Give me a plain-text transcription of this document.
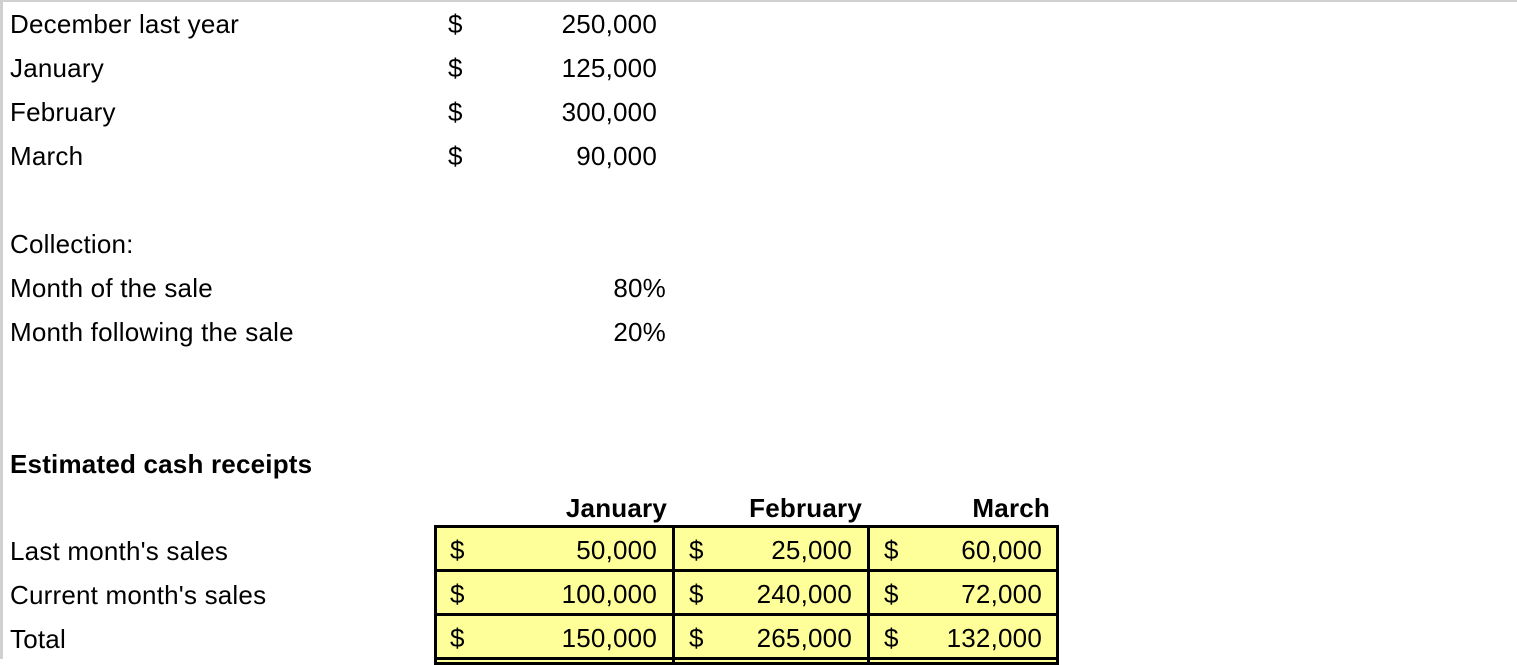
December last year	$	250,000
January	$	125,000
February	$	300,000
March	$	90,000
Collection:
Month of the sale	80%
Month following the sale	20%
Estimated cash receipts
January	February	March
Last month's sales	$	50,000 $	25,000 $	60,000
Current month's sales	$	100,000 $	240,000 $	72,000
Total	$	150,000 $	265,000 $	132,000
